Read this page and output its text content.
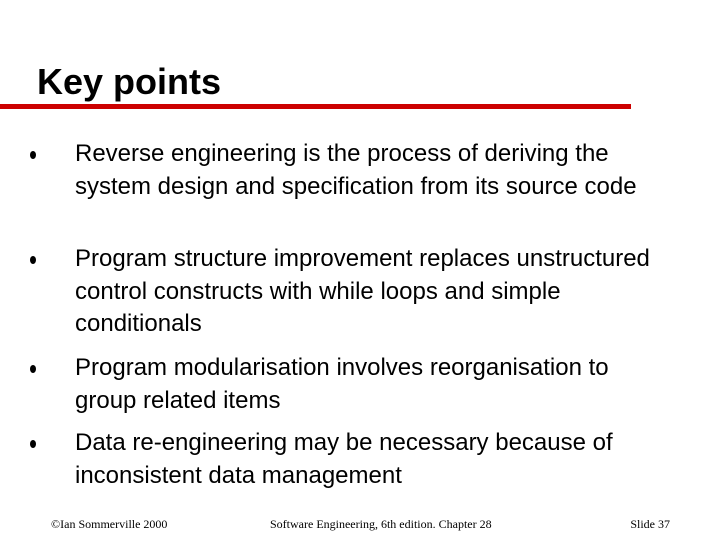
Key points
Reverse engineering is the process of deriving the system design and specification from its source code
Program structure improvement replaces unstructured control constructs with while loops and simple conditionals
Program modularisation involves reorganisation to group related items
Data re-engineering may be necessary because of inconsistent data management
©Ian Sommerville 2000	Software Engineering, 6th edition. Chapter 28	Slide 37
